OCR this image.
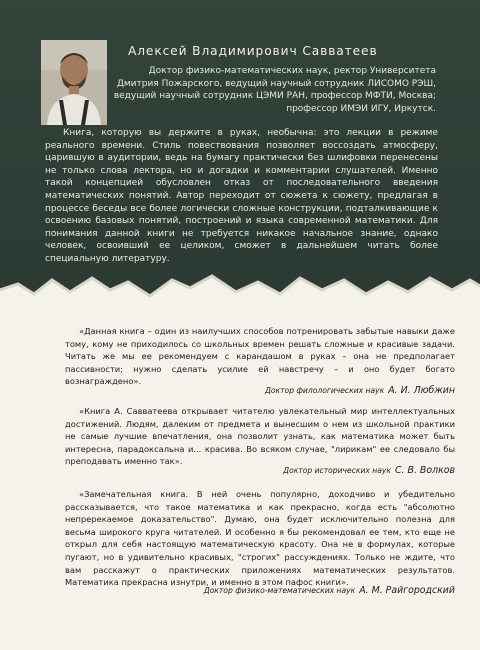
Алексей Владимирович Савватеев
Доктор физико-математических наук, ректор Университета Дмитрия Пожарского, ведущий научный сотрудник ЛИСОМО РЭШ, ведущий научный сотрудник ЦЭМИ РАН, профессор МФТИ, Москва; профессор ИМЭИ ИГУ, Иркутск.
Книга, которую вы держите в руках, необычна: это лекции в режиме реального времени. Стиль повествования позволяет воссоздать атмосферу, царившую в аудитории, ведь на бумагу практически без шлифовки перенесены не только слова лектора, но и догадки и комментарии слушателей. Именно такой концепцией обусловлен отказ от последовательного введения математических понятий. Автор переходит от сюжета к сюжету, предлагая в процессе беседы все более логически сложные конструкции, подталкивающие к освоению базовых понятий, построений и языка современной математики. Для понимания данной книги не требуется никакое начальное знание, однако человек, освоивший ее целиком, сможет в дальнейшем читать более специальную литературу.
«Данная книга – один из наилучших способов потренировать забытые навыки даже тому, кому не приходилось со школьных времен решать сложные и красивые задачи. Читать же мы ее рекомендуем с карандашом в руках – она не предполагает пассивности; нужно сделать усилие ей навстречу – и оно будет богато вознаграждено».
Доктор филологических наук А. И. Любжин
«Книга А. Савватеева открывает читателю увлекательный мир интеллектуальных достижений. Людям, далеким от предмета и вынесшим о нем из школьной практики не самые лучшие впечатления, она позволит узнать, как математика может быть интересна, парадоксальна и... красива. Во всяком случае, "лирикам" ее следовало бы преподавать именно так».
Доктор исторических наук С. В. Волков
«Замечательная книга. В ней очень популярно, доходчиво и убедительно рассказывается, что такое математика и как прекрасно, когда есть "абсолютно непререкаемое доказательство". Думаю, она будет исключительно полезна для весьма широкого круга читателей. И особенно я бы рекомендовал ее тем, кто еще не открыл для себя настоящую математическую красоту. Она не в формулах, которые пугают, но в удивительно красивых, "строгих" рассуждениях. Только не ждите, что вам расскажут о практических приложениях математических результатов. Математика прекрасна изнутри, и именно в этом пафос книги».
Доктор физико-математических наук А. М. Райгородский
